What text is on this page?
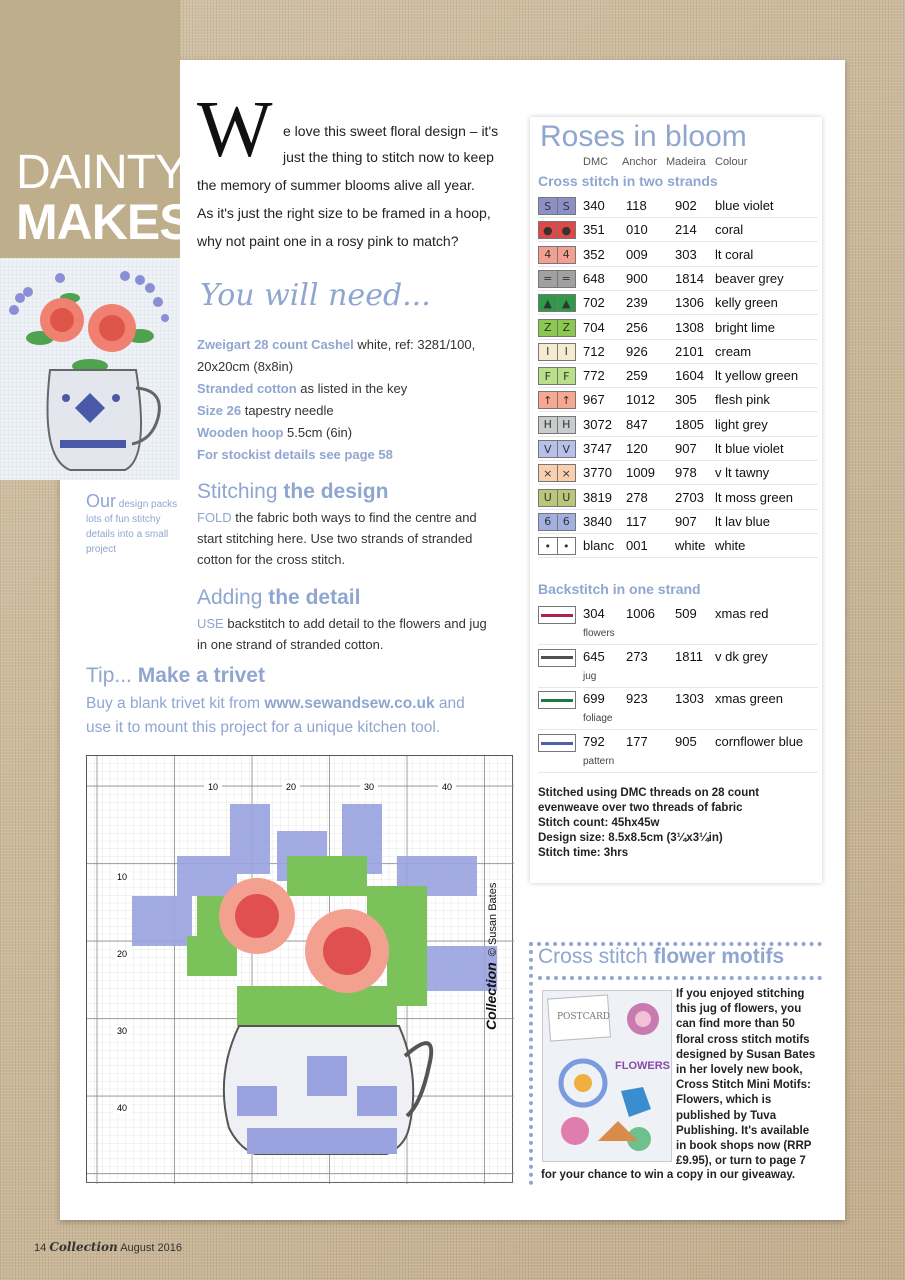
DAINTY
MAKES
W e love this sweet floral design – it's
just the thing to stitch now to keep
the memory of summer blooms alive all year.
As it's just the right size to be framed in a hoop,
why not paint one in a rosy pink to match?
You will need...
Zweigart 28 count Cashel white, ref: 3281/100,
20x20cm (8x8in)
Stranded cotton as listed in the key
Size 26 tapestry needle
Wooden hoop 5.5cm (6in)
For stockist details see page 58
Our design packs lots of fun stitchy details into a small project
Stitching the design
FOLD the fabric both ways to find the centre and
start stitching here. Use two strands of stranded
cotton for the cross stitch.
Adding the detail
USE backstitch to add detail to the flowers and jug
in one strand of stranded cotton.
Tip... Make a trivet
Buy a blank trivet kit from www.sewandsew.co.uk and
use it to mount this project for a unique kitchen tool.
10	20	30	40
10
20
30
40
Collection  © Susan Bates
Roses in bloom
DMC Anchor Madeira Colour
Cross stitch in two strands
S	S	340 118 902 blue violet
● ● 351 010 214 coral
4	4	352 009 303 lt coral
= = 648 900 1814 beaver grey
▲ ▲ 702 239 1306 kelly green
Z Z 704 256 1308 bright lime
I	I	712 926 2101 cream
F	F	772 259 1604 lt yellow green
↑ ↑ 967 1012 305 flesh pink
H H 3072 847 1805 light grey
V V 3747 120 907 lt blue violet
× × 3770 1009 978 v lt tawny
U U 3819 278 2703 lt moss green
6	6	3840 117 907 lt lav blue
•	•	blanc 001 white white
Backstitch in one strand
304 1006 509 xmas red
flowers
645 273 1811 v dk grey
jug
699 923 1303 xmas green
foliage
792 177 905 cornflower blue
pattern
Stitched using DMC threads on 28 count
evenweave over two threads of fabric
Stitch count: 45hx45w
Design size: 8.5x8.5cm (3¼x3¼in)
Stitch time: 3hrs
Cross stitch flower motifs
POSTCARD
FLOWERS
If you enjoyed stitching
this jug of flowers, you
can find more than 50
floral cross stitch motifs
designed by Susan Bates
in her lovely new book,
Cross Stitch Mini Motifs:
Flowers, which is
published by Tuva
Publishing. It's available
in book shops now (RRP
£9.95), or turn to page 7
for your chance to win a copy in our giveaway.
14 Collection August 2016
